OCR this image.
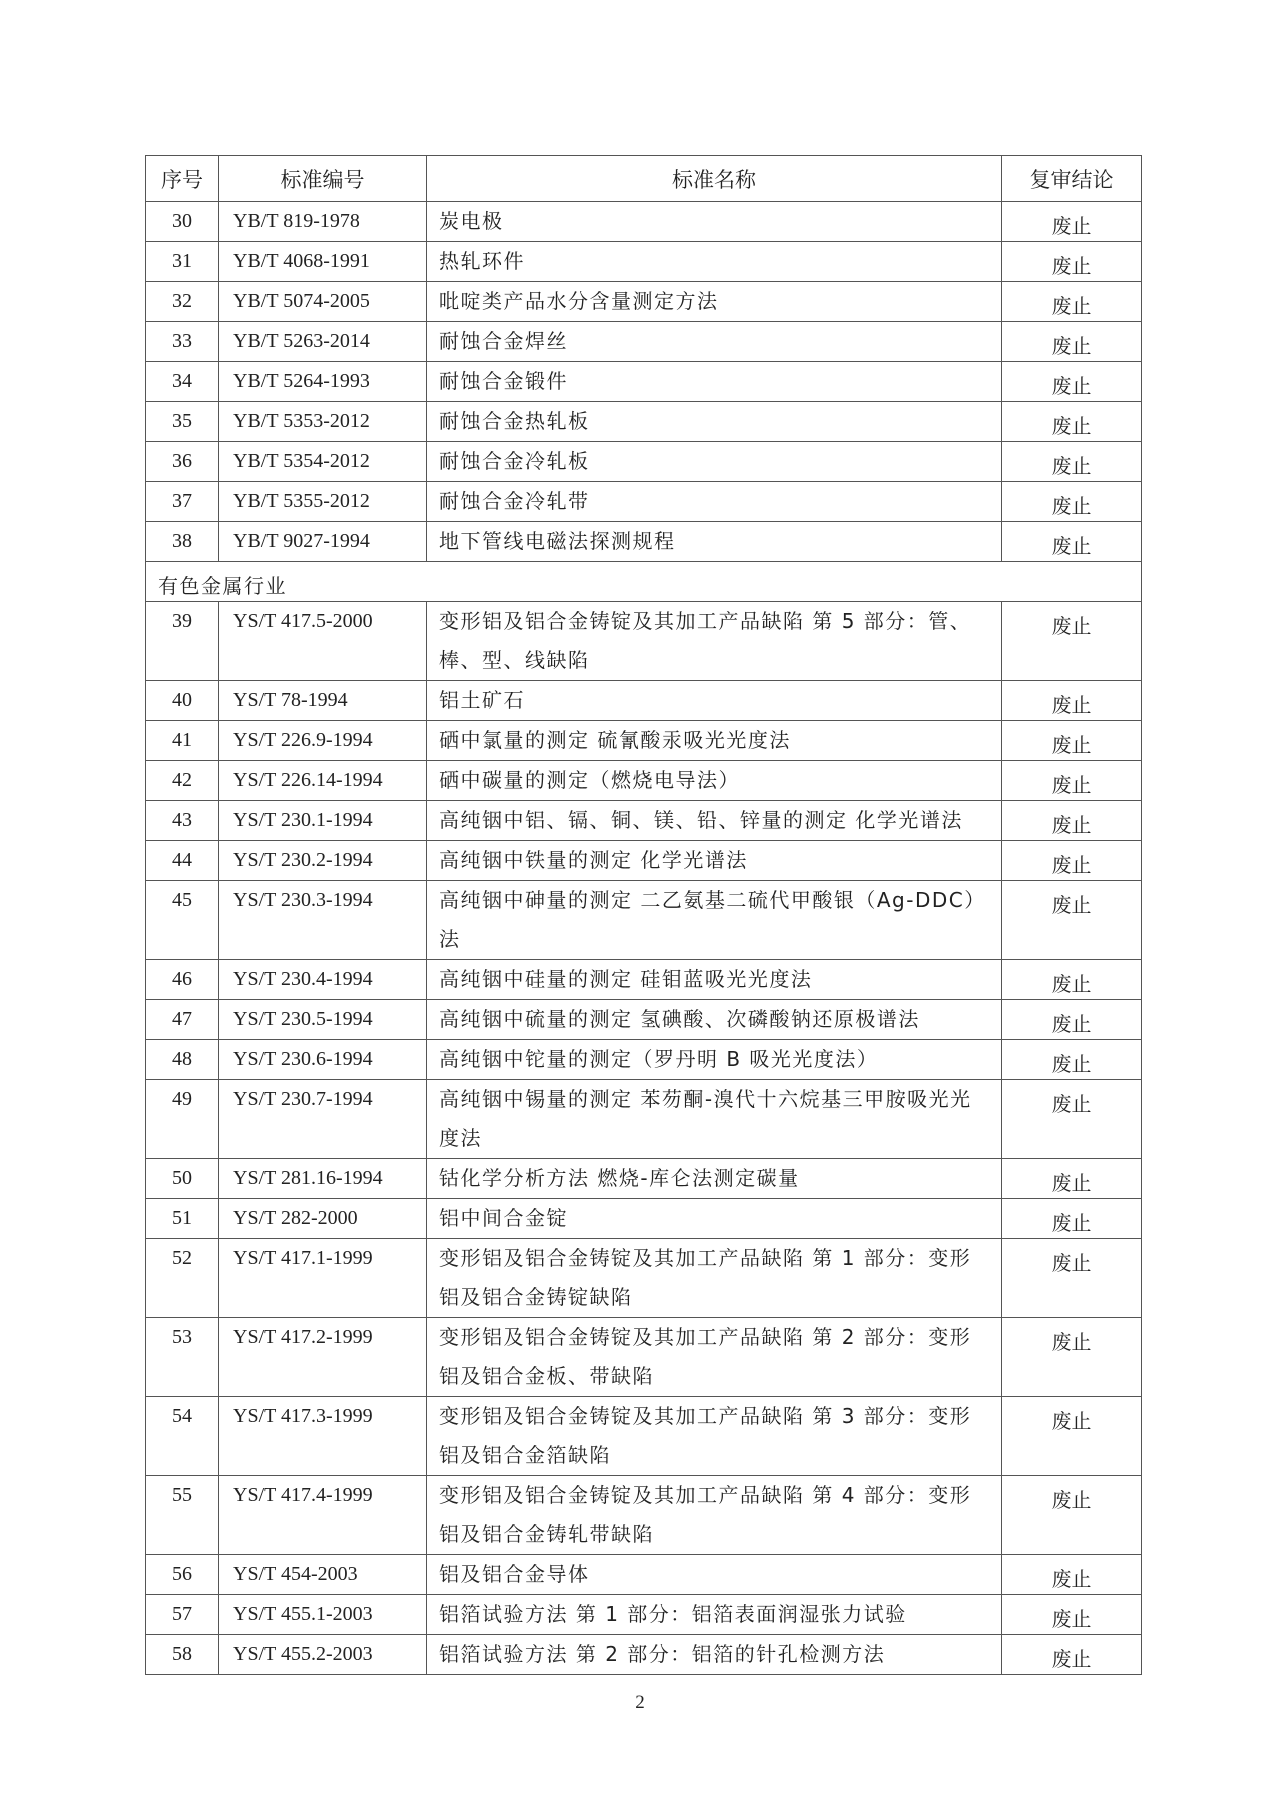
序号	标准编号	标准名称	复审结论
30	YB/T 819-1978	炭电极	废止
31	YB/T 4068-1991	热轧环件	废止
32	YB/T 5074-2005	吡啶类产品水分含量测定方法	废止
33	YB/T 5263-2014	耐蚀合金焊丝	废止
34	YB/T 5264-1993	耐蚀合金锻件	废止
35	YB/T 5353-2012	耐蚀合金热轧板	废止
36	YB/T 5354-2012	耐蚀合金冷轧板	废止
37	YB/T 5355-2012	耐蚀合金冷轧带	废止
38	YB/T 9027-1994	地下管线电磁法探测规程	废止
有色金属行业			
39	YS/T 417.5-2000	变形铝及铝合金铸锭及其加工产品缺陷 第 5 部分：管、棒、型、线缺陷	废止
40	YS/T 78-1994	铝土矿石	废止
41	YS/T 226.9-1994	硒中氯量的测定 硫氰酸汞吸光光度法	废止
42	YS/T 226.14-1994	硒中碳量的测定（燃烧电导法）	废止
43	YS/T 230.1-1994	高纯铟中铝、镉、铜、镁、铅、锌量的测定 化学光谱法	废止
44	YS/T 230.2-1994	高纯铟中铁量的测定 化学光谱法	废止
45	YS/T 230.3-1994	高纯铟中砷量的测定 二乙氨基二硫代甲酸银（Ag-DDC）法	废止
46	YS/T 230.4-1994	高纯铟中硅量的测定 硅钼蓝吸光光度法	废止
47	YS/T 230.5-1994	高纯铟中硫量的测定 氢碘酸、次磷酸钠还原极谱法	废止
48	YS/T 230.6-1994	高纯铟中铊量的测定（罗丹明 B 吸光光度法）	废止
49	YS/T 230.7-1994	高纯铟中锡量的测定 苯芴酮-溴代十六烷基三甲胺吸光光度法	废止
50	YS/T 281.16-1994	钴化学分析方法 燃烧-库仑法测定碳量	废止
51	YS/T 282-2000	铝中间合金锭	废止
52	YS/T 417.1-1999	变形铝及铝合金铸锭及其加工产品缺陷 第 1 部分：变形铝及铝合金铸锭缺陷	废止
53	YS/T 417.2-1999	变形铝及铝合金铸锭及其加工产品缺陷 第 2 部分：变形铝及铝合金板、带缺陷	废止
54	YS/T 417.3-1999	变形铝及铝合金铸锭及其加工产品缺陷 第 3 部分：变形铝及铝合金箔缺陷	废止
55	YS/T 417.4-1999	变形铝及铝合金铸锭及其加工产品缺陷 第 4 部分：变形铝及铝合金铸轧带缺陷	废止
56	YS/T 454-2003	铝及铝合金导体	废止
57	YS/T 455.1-2003	铝箔试验方法 第 1 部分：铝箔表面润湿张力试验	废止
58	YS/T 455.2-2003	铝箔试验方法 第 2 部分：铝箔的针孔检测方法	废止
2
